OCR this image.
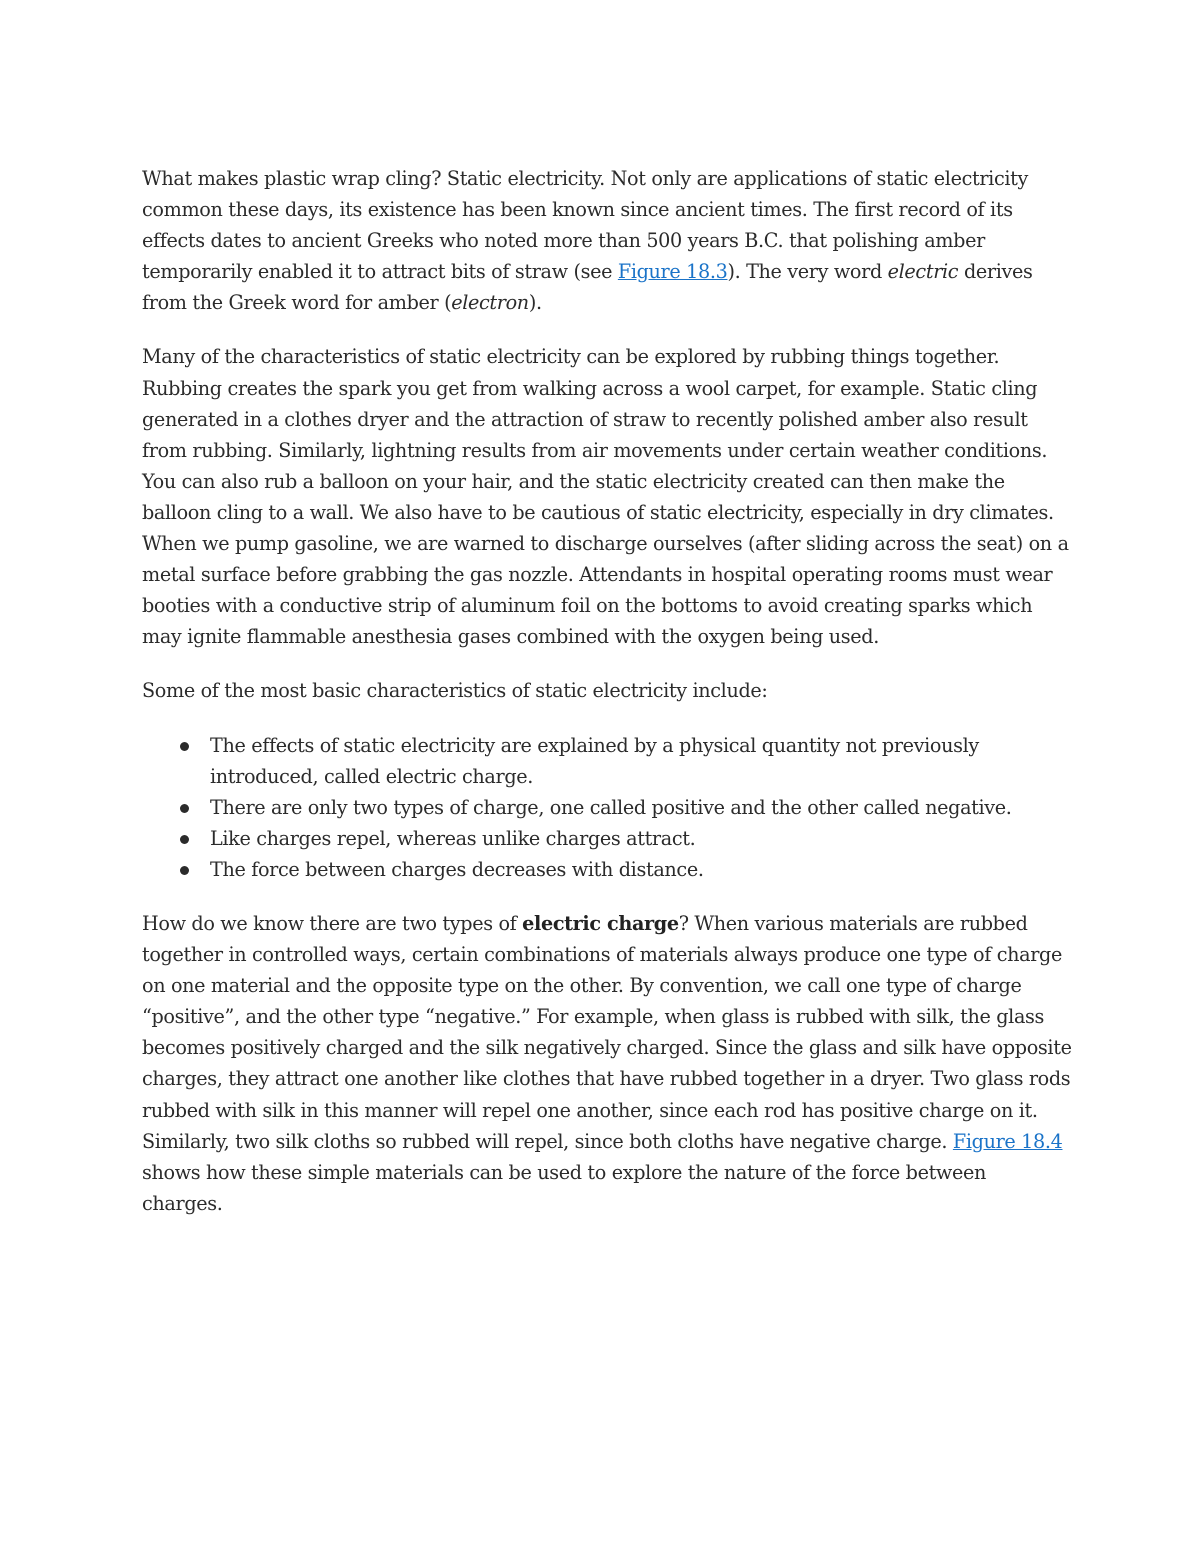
What makes plastic wrap cling? Static electricity. Not only are applications of static electricity common these days, its existence has been known since ancient times. The first record of its effects dates to ancient Greeks who noted more than 500 years B.C. that polishing amber temporarily enabled it to attract bits of straw (see Figure 18.3). The very word electric derives from the Greek word for amber (electron).

Many of the characteristics of static electricity can be explored by rubbing things together. Rubbing creates the spark you get from walking across a wool carpet, for example. Static cling generated in a clothes dryer and the attraction of straw to recently polished amber also result from rubbing. Similarly, lightning results from air movements under certain weather conditions. You can also rub a balloon on your hair, and the static electricity created can then make the balloon cling to a wall. We also have to be cautious of static electricity, especially in dry climates. When we pump gasoline, we are warned to discharge ourselves (after sliding across the seat) on a metal surface before grabbing the gas nozzle. Attendants in hospital operating rooms must wear booties with a conductive strip of aluminum foil on the bottoms to avoid creating sparks which may ignite flammable anesthesia gases combined with the oxygen being used.

Some of the most basic characteristics of static electricity include:

The effects of static electricity are explained by a physical quantity not previously introduced, called electric charge.
There are only two types of charge, one called positive and the other called negative.
Like charges repel, whereas unlike charges attract.
The force between charges decreases with distance.

How do we know there are two types of electric charge? When various materials are rubbed together in controlled ways, certain combinations of materials always produce one type of charge on one material and the opposite type on the other. By convention, we call one type of charge “positive”, and the other type “negative.” For example, when glass is rubbed with silk, the glass becomes positively charged and the silk negatively charged. Since the glass and silk have opposite charges, they attract one another like clothes that have rubbed together in a dryer. Two glass rods rubbed with silk in this manner will repel one another, since each rod has positive charge on it. Similarly, two silk cloths so rubbed will repel, since both cloths have negative charge. Figure 18.4 shows how these simple materials can be used to explore the nature of the force between charges.
